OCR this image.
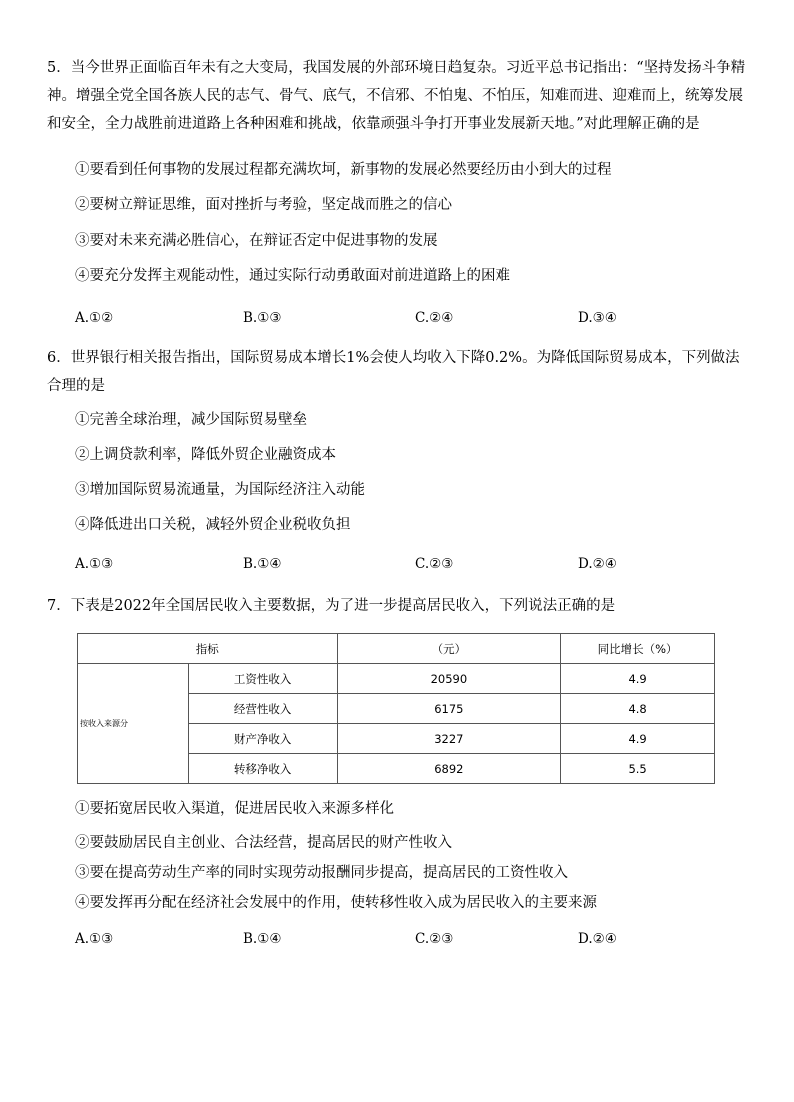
5．当今世界正面临百年未有之大变局，我国发展的外部环境日趋复杂。习近平总书记指出：“坚持发扬斗争精神。增强全党全国各族人民的志气、骨气、底气，不信邪、不怕鬼、不怕压，知难而进、迎难而上，统筹发展和安全，全力战胜前进道路上各种困难和挑战，依靠顽强斗争打开事业发展新天地。”对此理解正确的是
①要看到任何事物的发展过程都充满坎坷，新事物的发展必然要经历由小到大的过程
②要树立辩证思维，面对挫折与考验，坚定战而胜之的信心
③要对未来充满必胜信心，在辩证否定中促进事物的发展
④要充分发挥主观能动性，通过实际行动勇敢面对前进道路上的困难
A.①②	B.①③	C.②④	D.③④
6．世界银行相关报告指出，国际贸易成本增长1%会使人均收入下降0.2%。为降低国际贸易成本，下列做法合理的是
①完善全球治理，减少国际贸易壁垒
②上调贷款利率，降低外贸企业融资成本
③增加国际贸易流通量，为国际经济注入动能
④降低进出口关税，减轻外贸企业税收负担
A.①③	B.①④	C.②③	D.②④
7．下表是2022年全国居民收入主要数据，为了进一步提高居民收入，下列说法正确的是
指标		（元）	同比增长（%）
按收入来源分	工资性收入	20590	4.9
	经营性收入	6175	4.8
	财产净收入	3227	4.9
	转移净收入	6892	5.5
①要拓宽居民收入渠道，促进居民收入来源多样化
②要鼓励居民自主创业、合法经营，提高居民的财产性收入
③要在提高劳动生产率的同时实现劳动报酬同步提高，提高居民的工资性收入
④要发挥再分配在经济社会发展中的作用，使转移性收入成为居民收入的主要来源
A.①③	B.①④	C.②③	D.②④
